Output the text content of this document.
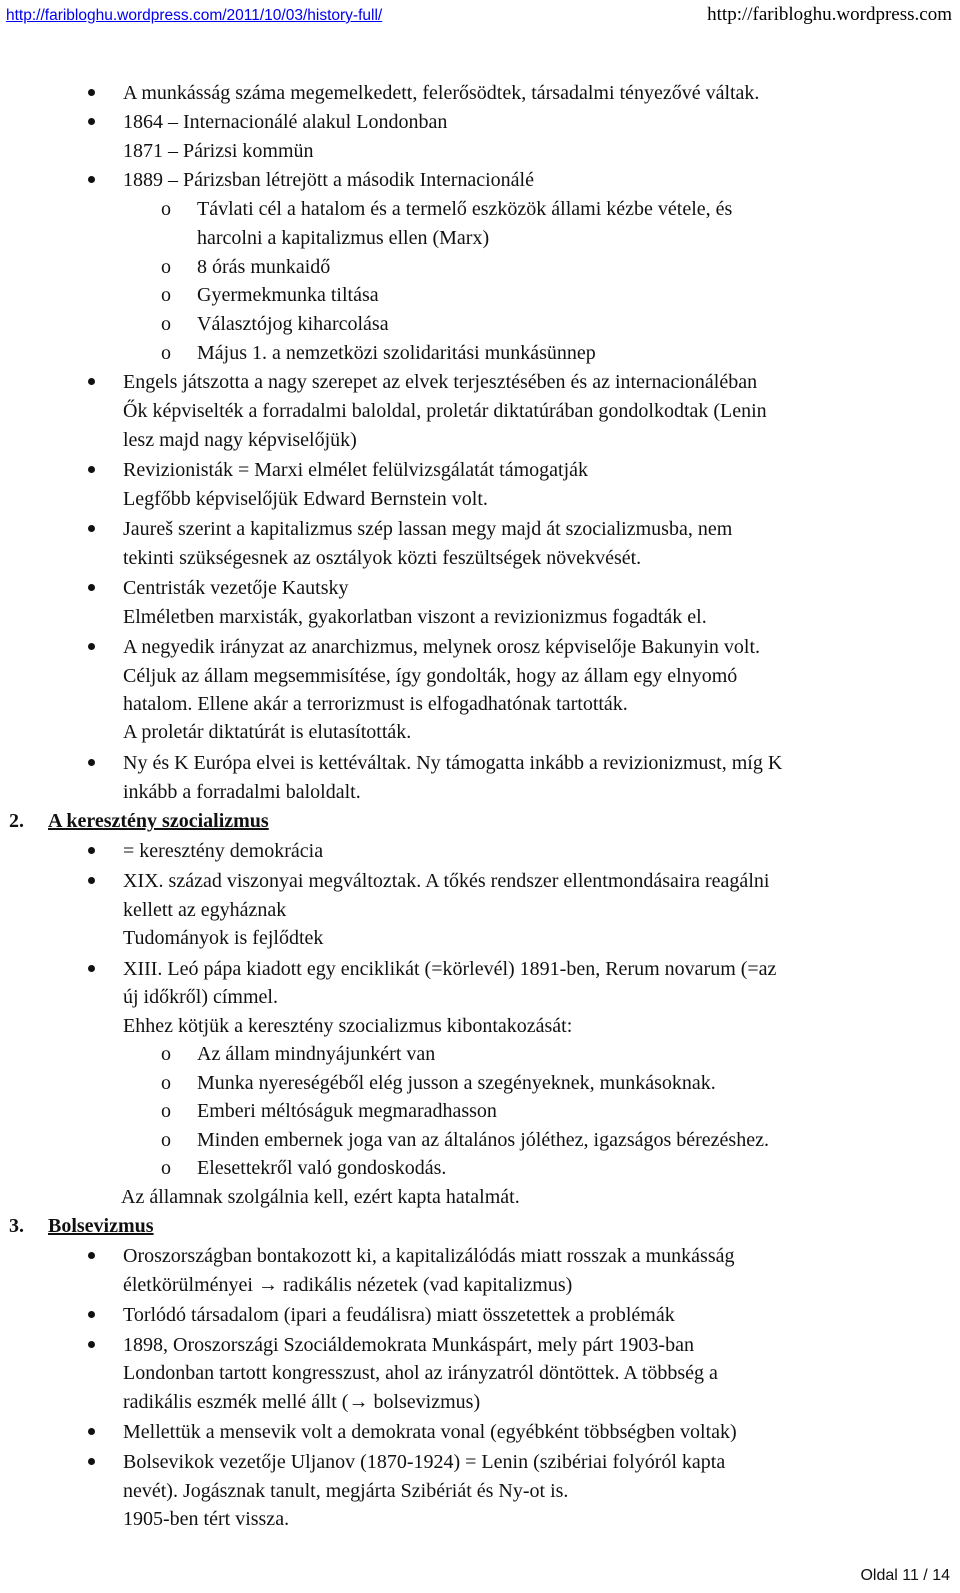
http://faribloghu.wordpress.com/2011/10/03/history-full/	http://faribloghu.wordpress.com
A munkásság száma megemelkedett, felerősödtek, társadalmi tényezővé váltak.
1864 – Internacionálé alakul Londonban
1871 – Párizsi kommün
1889 – Párizsban létrejött a második Internacionálé
o Távlati cél a hatalom és a termelő eszközök állami kézbe vétele, és
harcolni a kapitalizmus ellen (Marx)
o 8 órás munkaidő
o Gyermekmunka tiltása
o Választójog kiharcolása
o Május 1. a nemzetközi szolidaritási munkásünnep
Engels játszotta a nagy szerepet az elvek terjesztésében és az internacionáléban
Ők képviselték a forradalmi baloldal, proletár diktatúrában gondolkodtak (Lenin
lesz majd nagy képviselőjük)
Revizionisták = Marxi elmélet felülvizsgálatát támogatják
Legfőbb képviselőjük Edward Bernstein volt.
Jaureš szerint a kapitalizmus szép lassan megy majd át szocializmusba, nem
tekinti szükségesnek az osztályok közti feszültségek növekvését.
Centristák vezetője Kautsky
Elméletben marxisták, gyakorlatban viszont a revizionizmus fogadták el.
A negyedik irányzat az anarchizmus, melynek orosz képviselője Bakunyin volt.
Céljuk az állam megsemmisítése, így gondolták, hogy az állam egy elnyomó
hatalom. Ellene akár a terrorizmust is elfogadhatónak tartották.
A proletár diktatúrát is elutasították.
Ny és K Európa elvei is kettéváltak. Ny támogatta inkább a revizionizmust, míg K
inkább a forradalmi baloldalt.
2. A keresztény szocializmus
= keresztény demokrácia
XIX. század viszonyai megváltoztak. A tőkés rendszer ellentmondásaira reagálni
kellett az egyháznak
Tudományok is fejlődtek
XIII. Leó pápa kiadott egy enciklikát (=körlevél) 1891-ben, Rerum novarum (=az
új időkről) címmel.
Ehhez kötjük a keresztény szocializmus kibontakozását:
o Az állam mindnyájunkért van
o Munka nyereségéből elég jusson a szegényeknek, munkásoknak.
o Emberi méltóságuk megmaradhasson
o Minden embernek joga van az általános jóléthez, igazságos bérezéshez.
o Elesettekről való gondoskodás.
Az államnak szolgálnia kell, ezért kapta hatalmát.
3. Bolsevizmus
Oroszországban bontakozott ki, a kapitalizálódás miatt rosszak a munkásság
életkörülményei → radikális nézetek (vad kapitalizmus)
Torlódó társadalom (ipari a feudálisra) miatt összetettek a problémák
1898, Oroszországi Szociáldemokrata Munkáspárt, mely párt 1903-ban
Londonban tartott kongresszust, ahol az irányzatról döntöttek. A többség a
radikális eszmék mellé állt (→ bolsevizmus)
Mellettük a mensevik volt a demokrata vonal (egyébként többségben voltak)
Bolsevikok vezetője Uljanov (1870-1924) = Lenin (szibériai folyóról kapta
nevét). Jogásznak tanult, megjárta Szibériát és Ny-ot is.
1905-ben tért vissza.
Oldal 11 / 14
